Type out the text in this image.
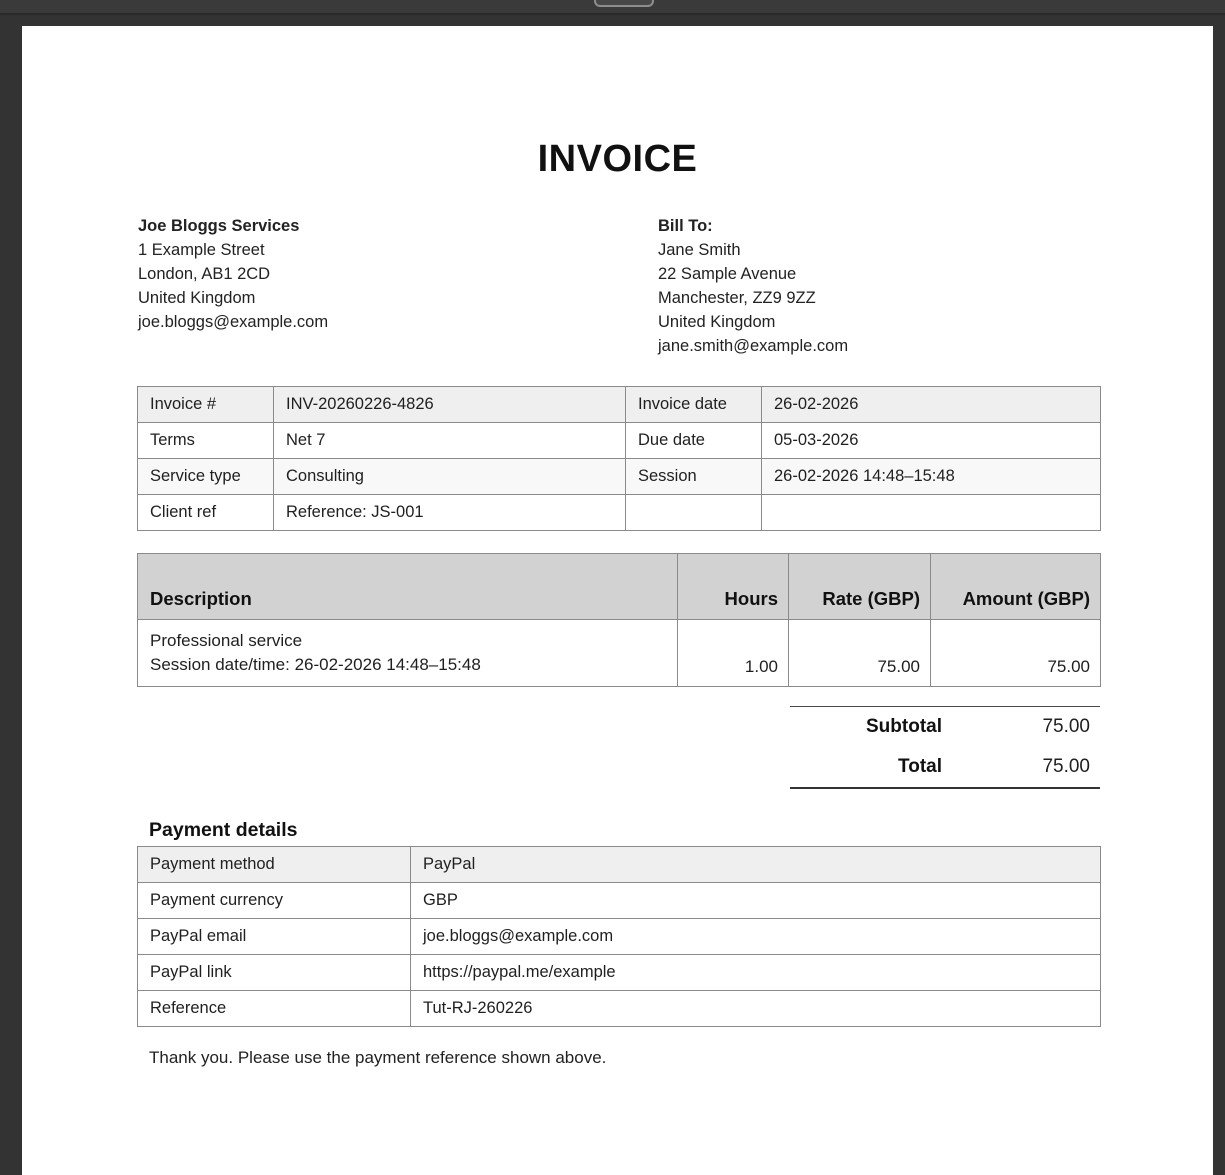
INVOICE
Joe Bloggs Services
1 Example Street
London, AB1 2CD
United Kingdom
joe.bloggs@example.com
Bill To:
Jane Smith
22 Sample Avenue
Manchester, ZZ9 9ZZ
United Kingdom
jane.smith@example.com
Invoice #	INV-20260226-4826	Invoice date	26-02-2026
Terms	Net 7	Due date	05-03-2026
Service type	Consulting	Session	26-02-2026 14:48–15:48
Client ref	Reference: JS-001		
Description	Hours	Rate (GBP)	Amount (GBP)

Professional service
Session date/time: 26-02-2026 14:48–15:48	1.00	75.00	75.00
Subtotal	75.00
Total	75.00
Payment details
Payment method	PayPal
Payment currency	GBP
PayPal email	joe.bloggs@example.com
PayPal link	https://paypal.me/example
Reference	Tut-RJ-260226
Thank you. Please use the payment reference shown above.
